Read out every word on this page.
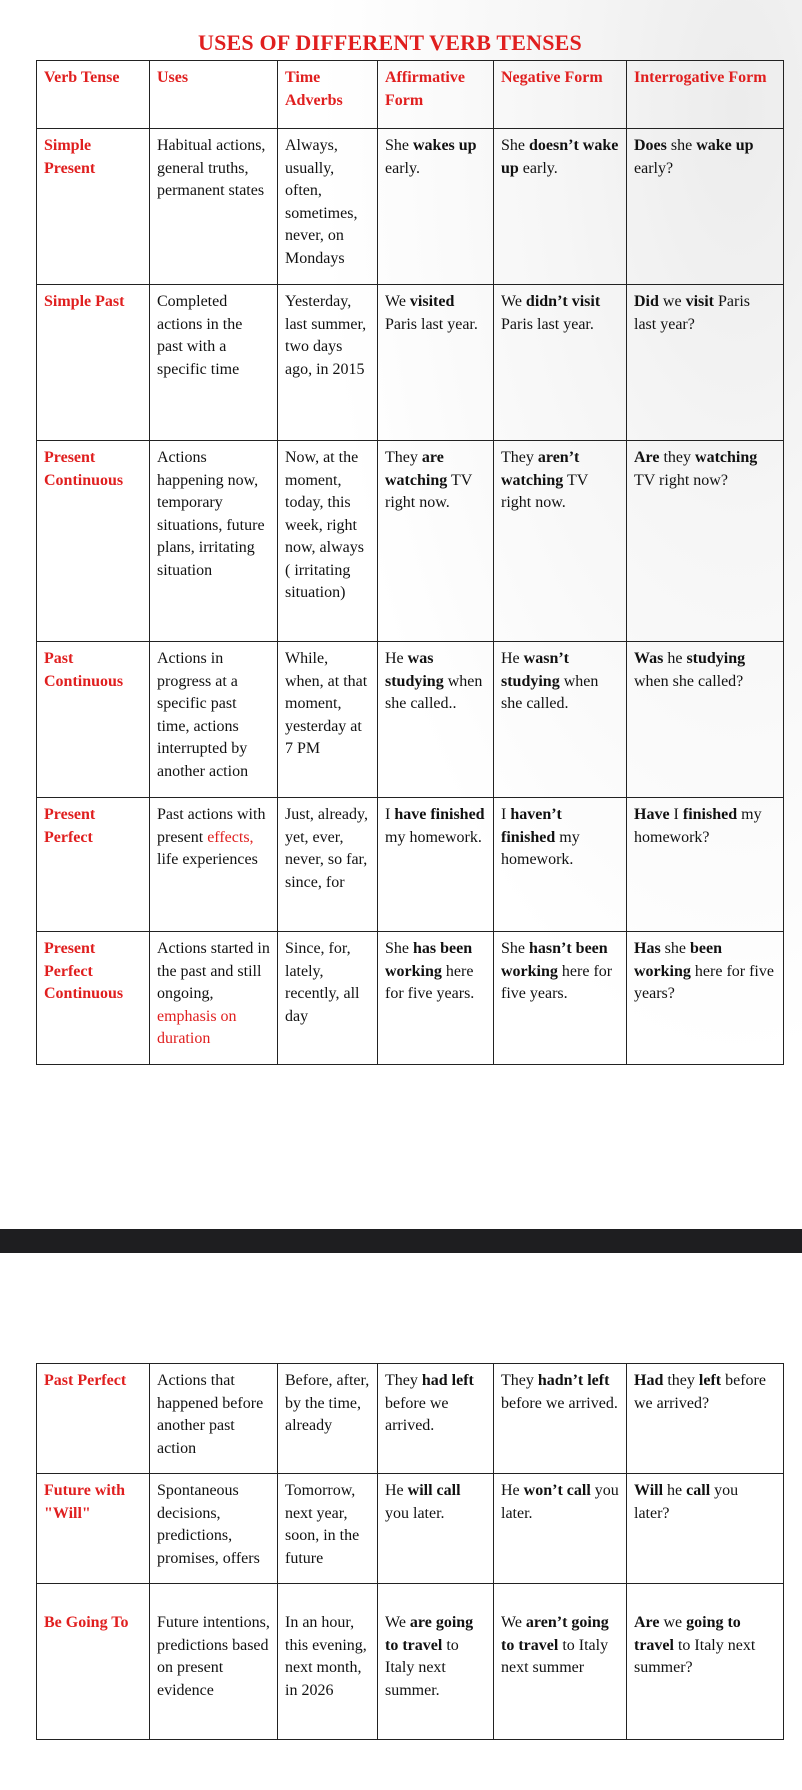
USES OF DIFFERENT VERB TENSES
Verb Tense	Uses	Time Adverbs	Affirmative Form	Negative Form	Interrogative Form
Simple Present	Habitual actions, general truths, permanent states	Always, usually, often, sometimes, never, on Mondays	She wakes up early.	She doesn’t wake up early.	Does she wake up early?
Simple Past	Completed actions in the past with a specific time	Yesterday, last summer, two days ago, in 2015	We visited Paris last year.	We didn’t visit Paris last year.	Did we visit Paris last year?
Present Continuous	Actions happening now, temporary situations, future plans, irritating situation	Now, at the moment, today, this week, right now, always ( irritating situation)	They are watching TV right now.	They aren’t watching TV right now.	Are they watching TV right now?
Past Continuous	Actions in progress at a specific past time, actions interrupted by another action	While, when, at that moment, yesterday at 7 PM	He was studying when she called..	He wasn’t studying when she called.	Was he studying when she called?
Present Perfect	Past actions with present effects, life experiences	Just, already, yet, ever, never, so far, since, for	I have finished my homework.	I haven’t finished my homework.	Have I finished my homework?
Present Perfect Continuous	Actions started in the past and still ongoing, emphasis on duration	Since, for, lately, recently, all day	She has been working here for five years.	She hasn’t been working here for five years.	Has she been working here for five years?
Past Perfect	Actions that happened before another past action	Before, after, by the time, already	They had left before we arrived.	They hadn’t left before we arrived.	Had they left before we arrived?
Future with "Will"	Spontaneous decisions, predictions, promises, offers	Tomorrow, next year, soon, in the future	He will call you later.	He won’t call you later.	Will he call you later?
Be Going To	Future intentions, predictions based on present evidence	In an hour, this evening, next month, in 2026	We are going to travel to Italy next summer.	We aren’t going to travel to Italy next summer	Are we going to travel to Italy next summer?
